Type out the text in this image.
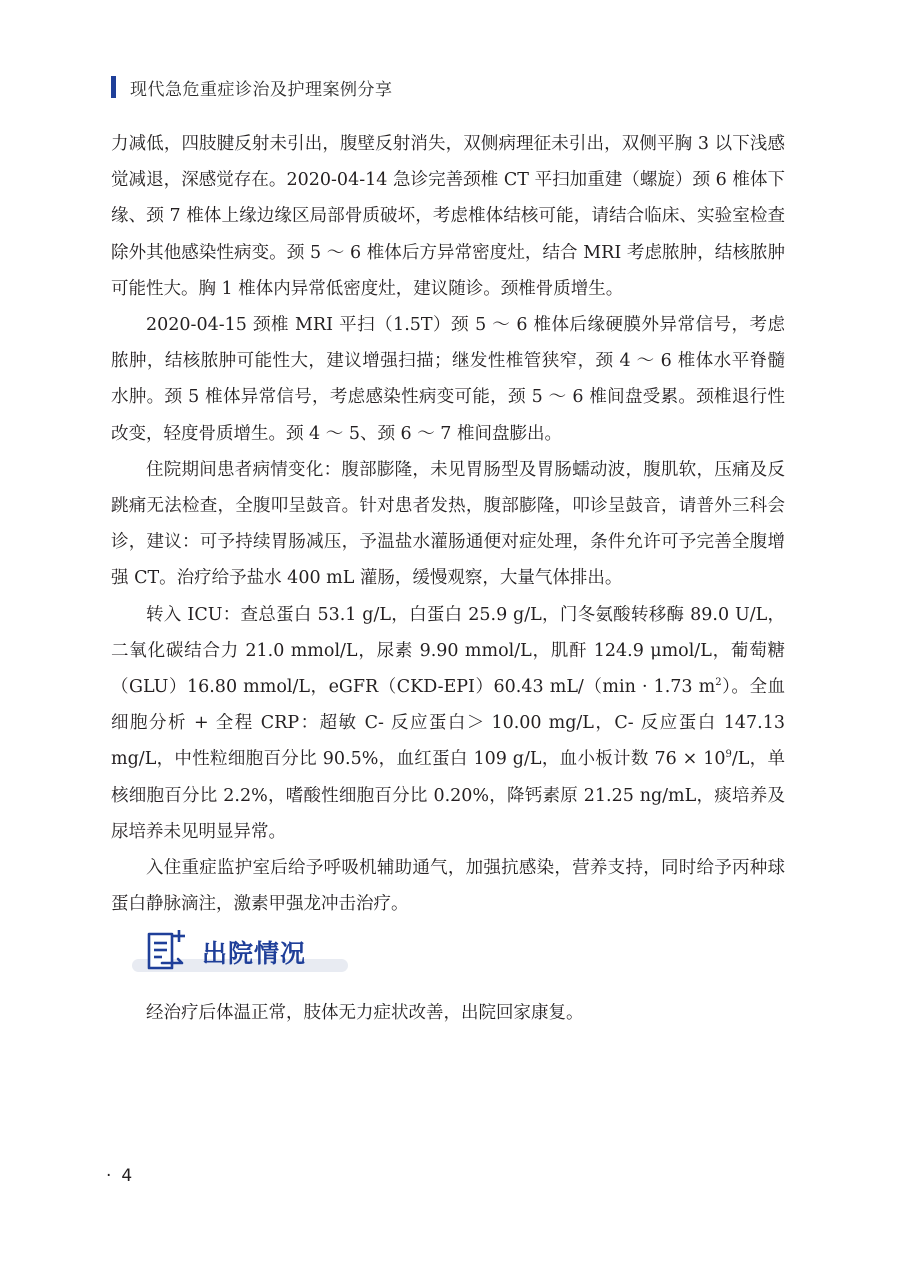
现代急危重症诊治及护理案例分享

力减低，四肢腱反射未引出，腹壁反射消失，双侧病理征未引出，双侧平胸 3 以下浅感觉减退，深感觉存在。2020-04-14 急诊完善颈椎 CT 平扫加重建（螺旋）颈 6 椎体下缘、颈 7 椎体上缘边缘区局部骨质破坏，考虑椎体结核可能，请结合临床、实验室检查除外其他感染性病变。颈 5 ～ 6 椎体后方异常密度灶，结合 MRI 考虑脓肿，结核脓肿可能性大。胸 1 椎体内异常低密度灶，建议随诊。颈椎骨质增生。

2020-04-15 颈椎 MRI 平扫（1.5T）颈 5 ～ 6 椎体后缘硬膜外异常信号，考虑脓肿，结核脓肿可能性大，建议增强扫描；继发性椎管狭窄，颈 4 ～ 6 椎体水平脊髓水肿。颈 5 椎体异常信号，考虑感染性病变可能，颈 5 ～ 6 椎间盘受累。颈椎退行性改变，轻度骨质增生。颈 4 ～ 5、颈 6 ～ 7 椎间盘膨出。

住院期间患者病情变化：腹部膨隆，未见胃肠型及胃肠蠕动波，腹肌软，压痛及反跳痛无法检查，全腹叩呈鼓音。针对患者发热，腹部膨隆，叩诊呈鼓音，请普外三科会诊，建议：可予持续胃肠减压，予温盐水灌肠通便对症处理，条件允许可予完善全腹增强 CT。治疗给予盐水 400 mL 灌肠，缓慢观察，大量气体排出。

转入 ICU：查总蛋白 53.1 g/L，白蛋白 25.9 g/L，门冬氨酸转移酶 89.0 U/L，二氧化碳结合力 21.0 mmol/L，尿素 9.90 mmol/L，肌酐 124.9 μmol/L，葡萄糖（GLU）16.80 mmol/L，eGFR（CKD-EPI）60.43 mL/（min · 1.73 $m^2$）。全血细胞分析 + 全程 CRP：超敏 C- 反应蛋白＞ 10.00 mg/L，C- 反应蛋白 147.13 mg/L，中性粒细胞百分比 90.5%，血红蛋白 109 g/L，血小板计数 $76 \times 10^9/L$，单核细胞百分比 2.2%，嗜酸性细胞百分比 0.20%，降钙素原 21.25 ng/mL，痰培养及尿培养未见明显异常。

入住重症监护室后给予呼吸机辅助通气，加强抗感染，营养支持，同时给予丙种球蛋白静脉滴注，激素甲强龙冲击治疗。

出院情况

经治疗后体温正常，肢体无力症状改善，出院回家康复。

· 4
